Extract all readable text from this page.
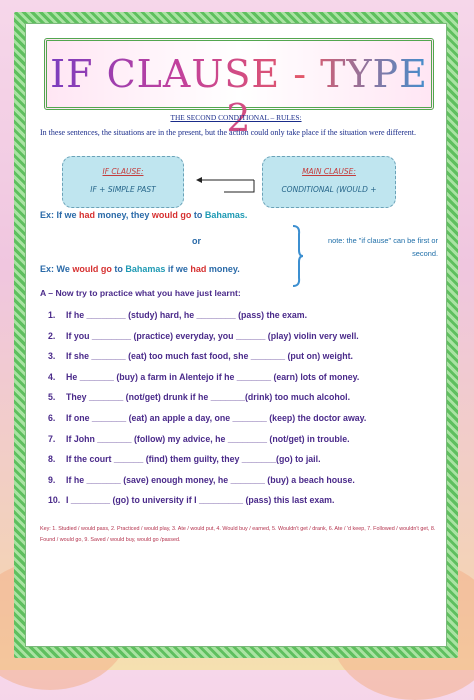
IF CLAUSE - TYPE 2
THE SECOND CONDITIONAL – RULES:
In these sentences, the situations are in the present, but the action could only take place if the situation were different.
IF CLAUSE:
IF + SIMPLE PAST
MAIN CLAUSE:
CONDITIONAL (WOULD +
Ex: If we had money, they would go to Bahamas.
or	note: the "if clause" can be first or second.
Ex: We would go to Bahamas if we had money.
A – Now try to practice what you have just learnt:
1. If he ________ (study) hard, he ________ (pass) the exam.
2. If you ________ (practice) everyday, you ______ (play) violin very well.
3. If she _______ (eat) too much fast food, she _______ (put on) weight.
4. He _______ (buy) a farm in Alentejo if he _______ (earn) lots of money.
5. They _______ (not/get) drunk if he _______(drink) too much alcohol.
6. If one _______ (eat) an apple a day, one _______ (keep) the doctor away.
7. If John _______ (follow) my advice, he ________ (not/get) in trouble.
8. If the court ______ (find) them guilty, they _______(go) to jail.
9. If he _______ (save) enough money, he _______ (buy) a beach house.
10. I ________ (go) to university if I _________ (pass) this last exam.
Key: 1. Studied / would pass, 2. Practiced / would play, 3. Ate / would put, 4. Would buy / earned, 5. Wouldn't get / drank, 6. Ate / 'd keep, 7. Followed / wouldn't get, 8. Found / would go, 9. Saved / would buy, would go /passed.
